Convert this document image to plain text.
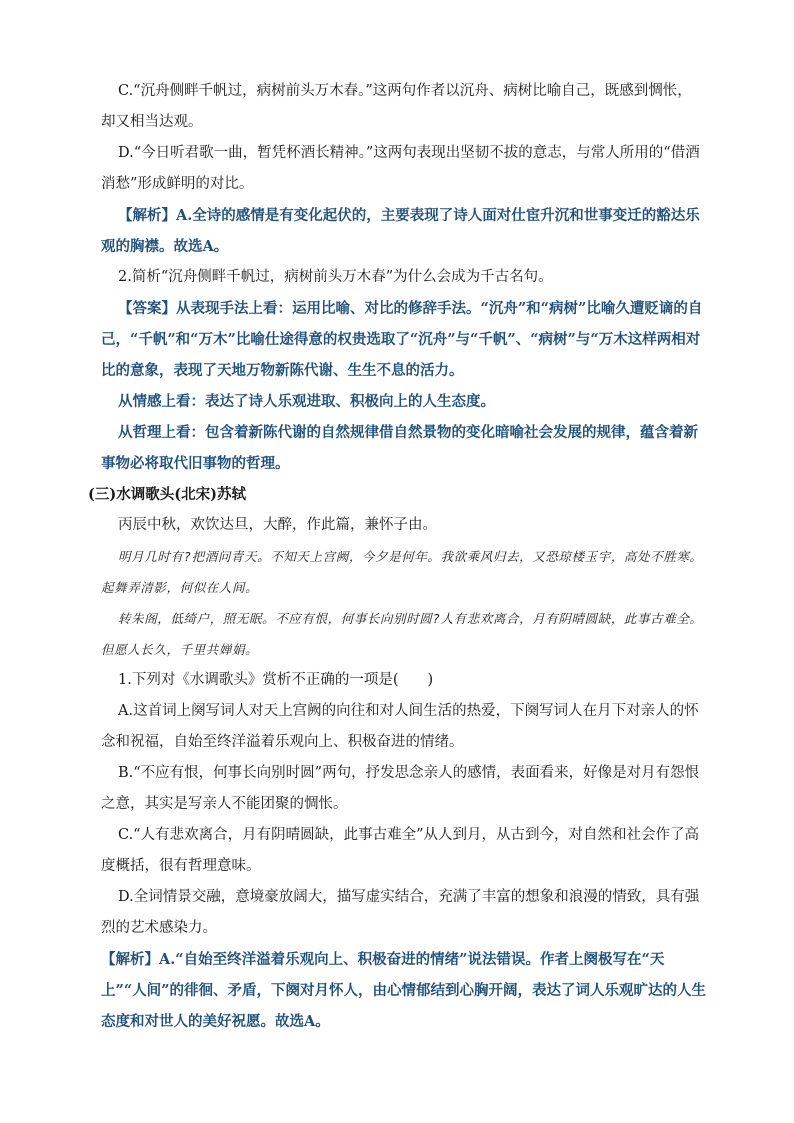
C.“沉舟侧畔千帆过，病树前头万木春。”这两句作者以沉舟、病树比喻自己，既感到惆怅，却又相当达观。

D.“今日听君歌一曲，暂凭杯酒长精神。”这两句表现出坚韧不拔的意志，与常人所用的“借酒消愁”形成鲜明的对比。

【解析】A.全诗的感情是有变化起伏的，主要表现了诗人面对仕宦升沉和世事变迁的豁达乐观的胸襟。故选A。

2.简析“沉舟侧畔千帆过，病树前头万木春”为什么会成为千古名句。

【答案】从表现手法上看：运用比喻、对比的修辞手法。“沉舟”和“病树”比喻久遭贬谪的自己，“千帆”和“万木”比喻仕途得意的权贵选取了“沉舟”与“千帆”、“病树”与“万木这样两相对比的意象，表现了天地万物新陈代谢、生生不息的活力。

从情感上看：表达了诗人乐观进取、积极向上的人生态度。

从哲理上看：包含着新陈代谢的自然规律借自然景物的变化暗喻社会发展的规律，蕴含着新事物必将取代旧事物的哲理。

(三)水调歌头(北宋)苏轼

丙辰中秋，欢饮达旦，大醉，作此篇，兼怀子由。

明月几时有?把酒问青天。不知天上宫阙，今夕是何年。我欲乘风归去，又恐琼楼玉宇，高处不胜寒。起舞弄清影，何似在人间。

转朱阁，低绮户，照无眠。不应有恨，何事长向别时圆?人有悲欢离合，月有阴晴圆缺，此事古难全。但愿人长久，千里共婵娟。

1.下列对《水调歌头》赏析不正确的一项是(　　)

A.这首词上阕写词人对天上宫阙的向往和对人间生活的热爱，下阕写词人在月下对亲人的怀念和祝福，自始至终洋溢着乐观向上、积极奋进的情绪。

B.“不应有恨，何事长向别时圆”两句，抒发思念亲人的感情，表面看来，好像是对月有怨恨之意，其实是写亲人不能团聚的惆怅。

C.“人有悲欢离合，月有阴晴圆缺，此事古难全”从人到月，从古到今，对自然和社会作了高度概括，很有哲理意味。

D.全词情景交融，意境豪放阔大，描写虚实结合，充满了丰富的想象和浪漫的情致，具有强烈的艺术感染力。

【解析】A.“自始至终洋溢着乐观向上、积极奋进的情绪”说法错误。作者上阕极写在“天上”“人间”的徘徊、矛盾，下阕对月怀人，由心情郁结到心胸开阔，表达了词人乐观旷达的人生态度和对世人的美好祝愿。故选A。
